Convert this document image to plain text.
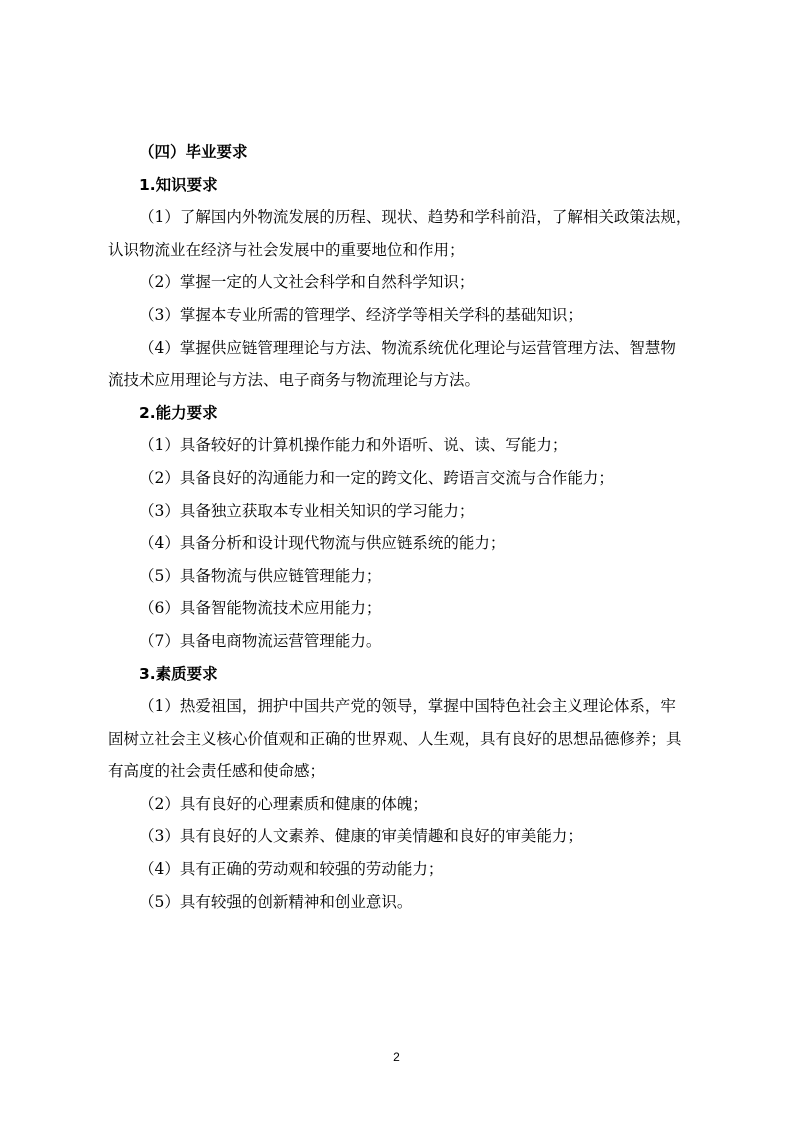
（四）毕业要求
1.知识要求
（1）了解国内外物流发展的历程、现状、趋势和学科前沿，了解相关政策法规，
认识物流业在经济与社会发展中的重要地位和作用；
（2）掌握一定的人文社会科学和自然科学知识；
（3）掌握本专业所需的管理学、经济学等相关学科的基础知识；
（4）掌握供应链管理理论与方法、物流系统优化理论与运营管理方法、智慧物
流技术应用理论与方法、电子商务与物流理论与方法。
2.能力要求
（1）具备较好的计算机操作能力和外语听、说、读、写能力；
（2）具备良好的沟通能力和一定的跨文化、跨语言交流与合作能力；
（3）具备独立获取本专业相关知识的学习能力；
（4）具备分析和设计现代物流与供应链系统的能力；
（5）具备物流与供应链管理能力；
（6）具备智能物流技术应用能力；
（7）具备电商物流运营管理能力。
3.素质要求
（1）热爱祖国，拥护中国共产党的领导，掌握中国特色社会主义理论体系，牢
固树立社会主义核心价值观和正确的世界观、人生观，具有良好的思想品德修养；具
有高度的社会责任感和使命感；
（2）具有良好的心理素质和健康的体魄；
（3）具有良好的人文素养、健康的审美情趣和良好的审美能力；
（4）具有正确的劳动观和较强的劳动能力；
（5）具有较强的创新精神和创业意识。
2
